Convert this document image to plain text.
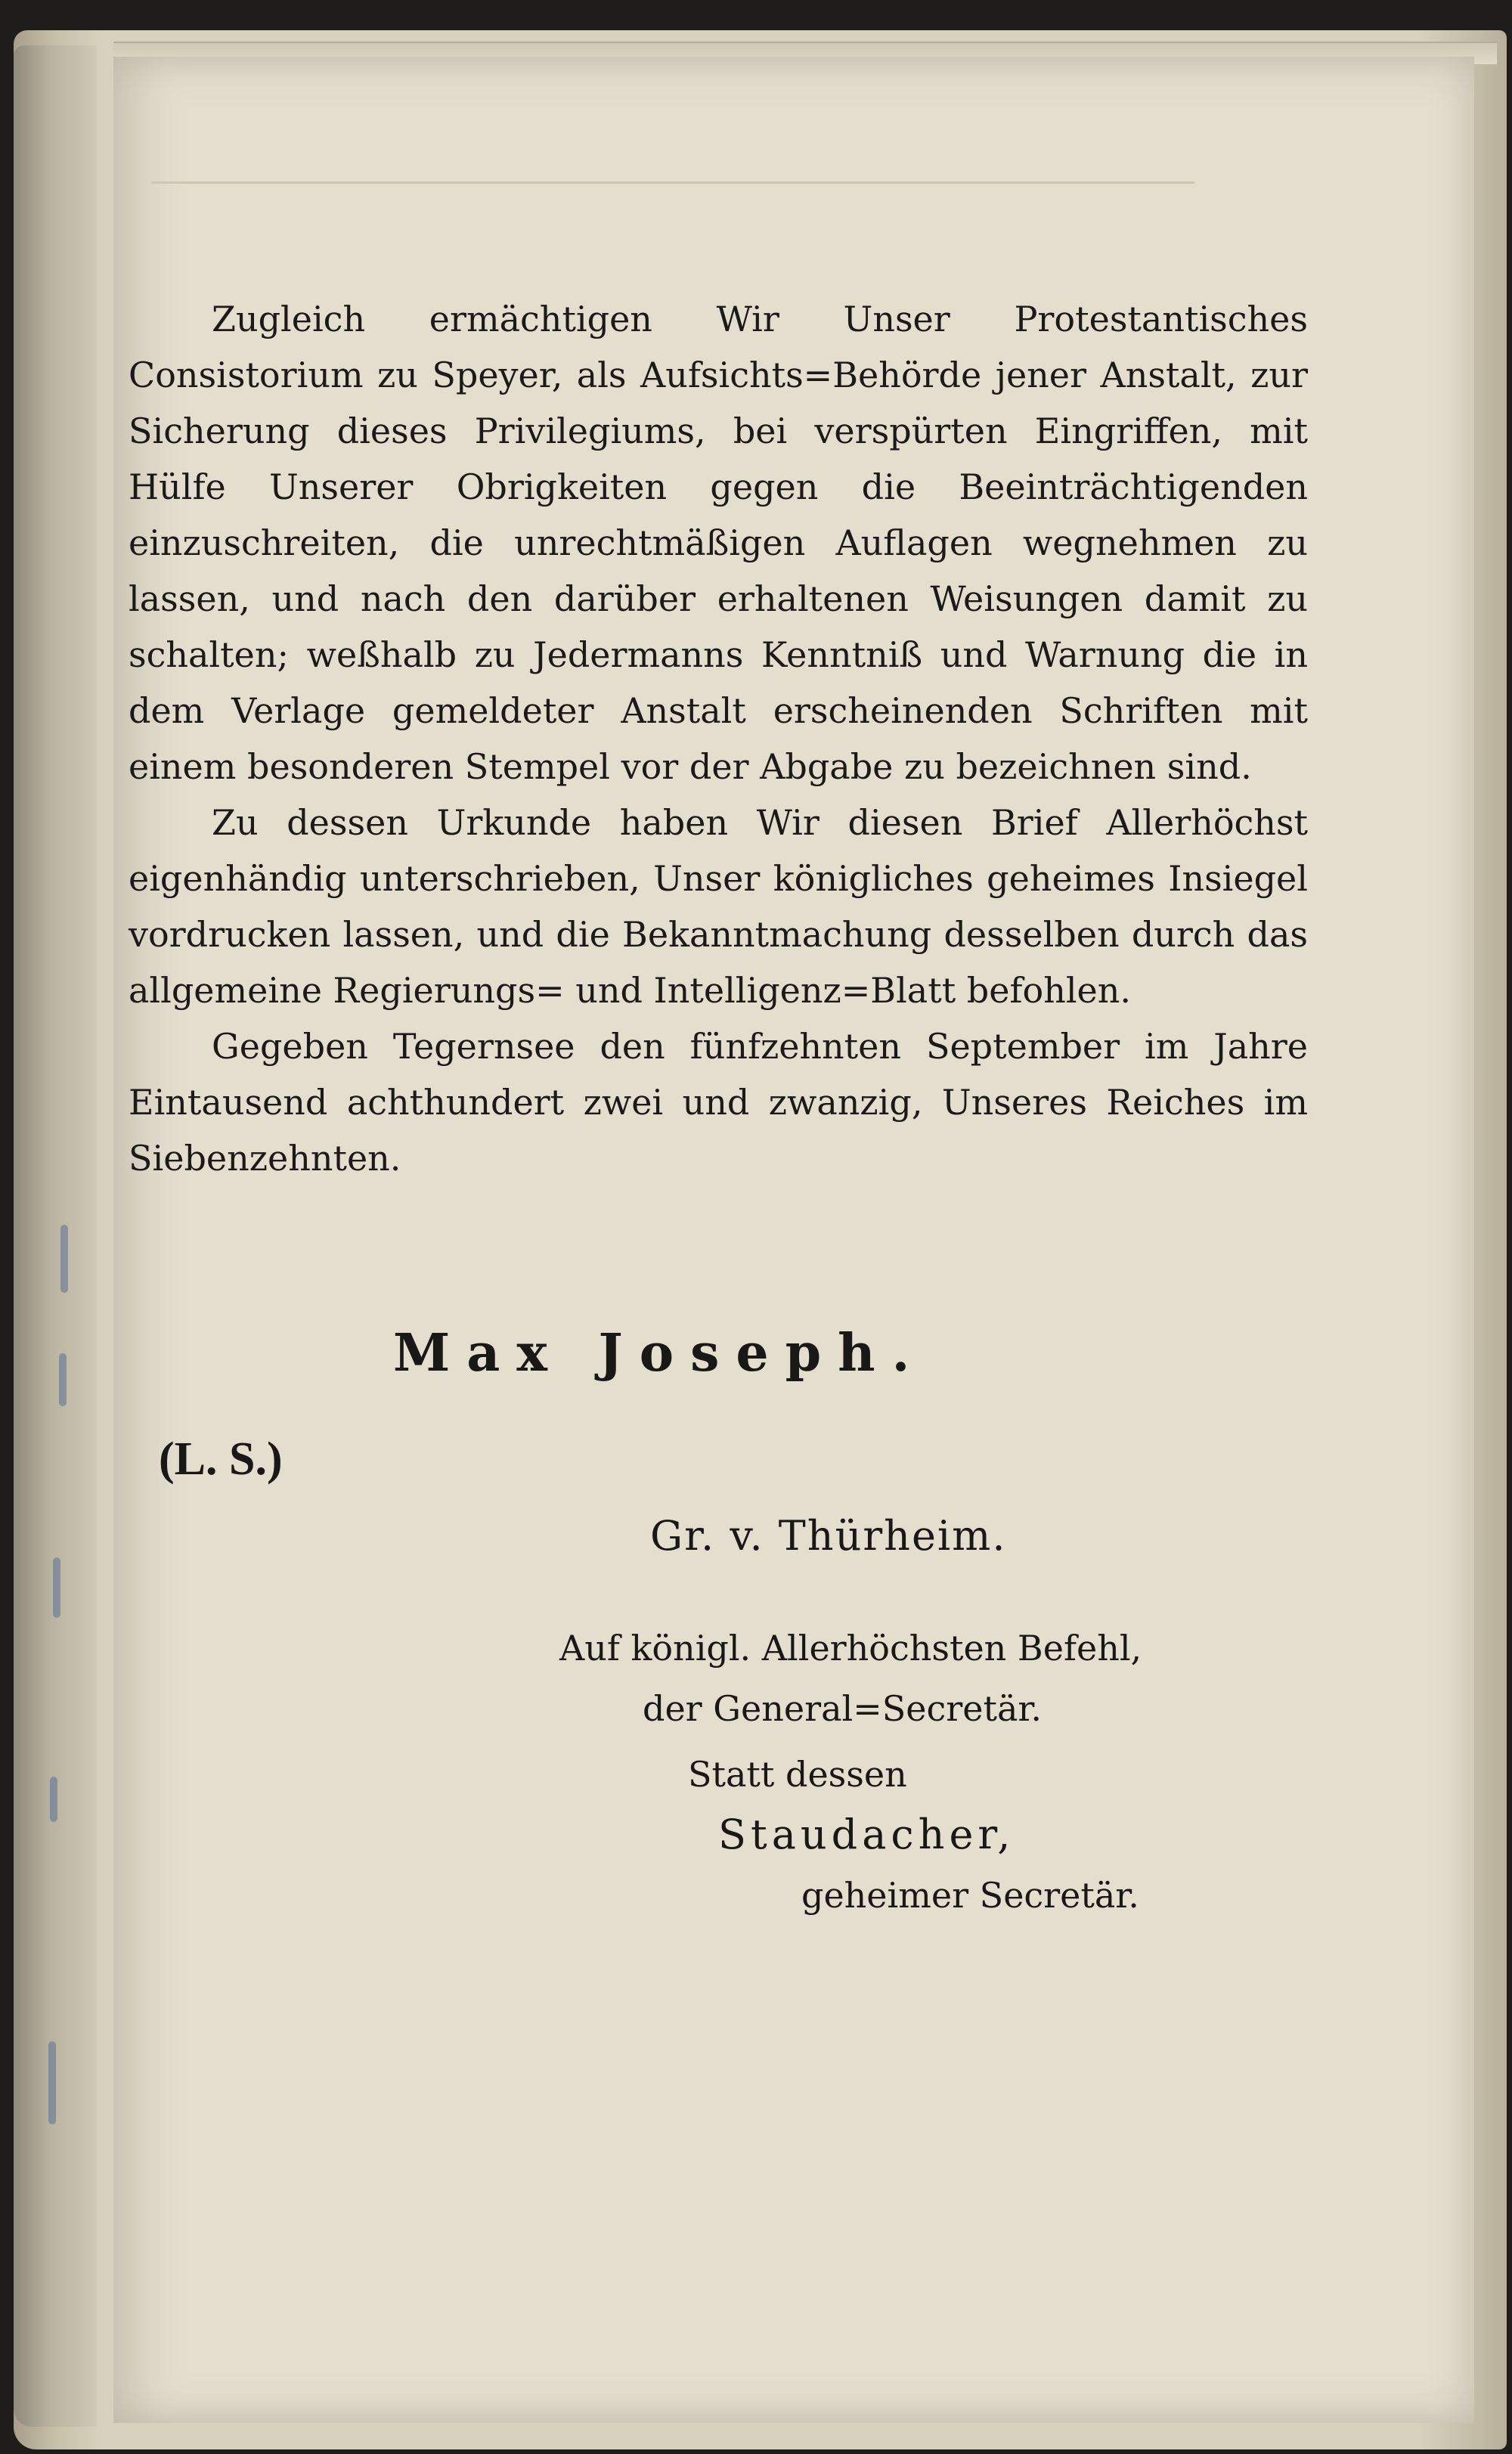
Zugleich ermächtigen Wir Unser Protestantisches Consistorium zu Speyer, als Aufsichts=Behörde jener Anstalt, zur Sicherung dieses Privilegiums, bei verspürten Eingriffen, mit Hülfe Unserer Obrigkeiten gegen die Beeinträchtigenden einzuschreiten, die unrechtmäßigen Auflagen wegnehmen zu lassen, und nach den darüber erhaltenen Weisungen damit zu schalten; weßhalb zu Jedermanns Kenntniß und Warnung die in dem Verlage gemeldeter Anstalt erscheinenden Schriften mit einem besonderen Stempel vor der Abgabe zu bezeichnen sind.

Zu dessen Urkunde haben Wir diesen Brief Allerhöchst eigenhändig unterschrieben, Unser königliches geheimes Insiegel vordrucken lassen, und die Bekanntmachung desselben durch das allgemeine Regierungs= und Intelligenz=Blatt befohlen.

Gegeben Tegernsee den fünfzehnten September im Jahre Eintausend achthundert zwei und zwanzig, Unseres Reiches im Siebenzehnten.

Max Joseph.
(L. S.)
Gr. v. Thürheim.
Auf königl. Allerhöchsten Befehl,
der General=Secretär.
Statt dessen
Staudacher,
geheimer Secretär.
